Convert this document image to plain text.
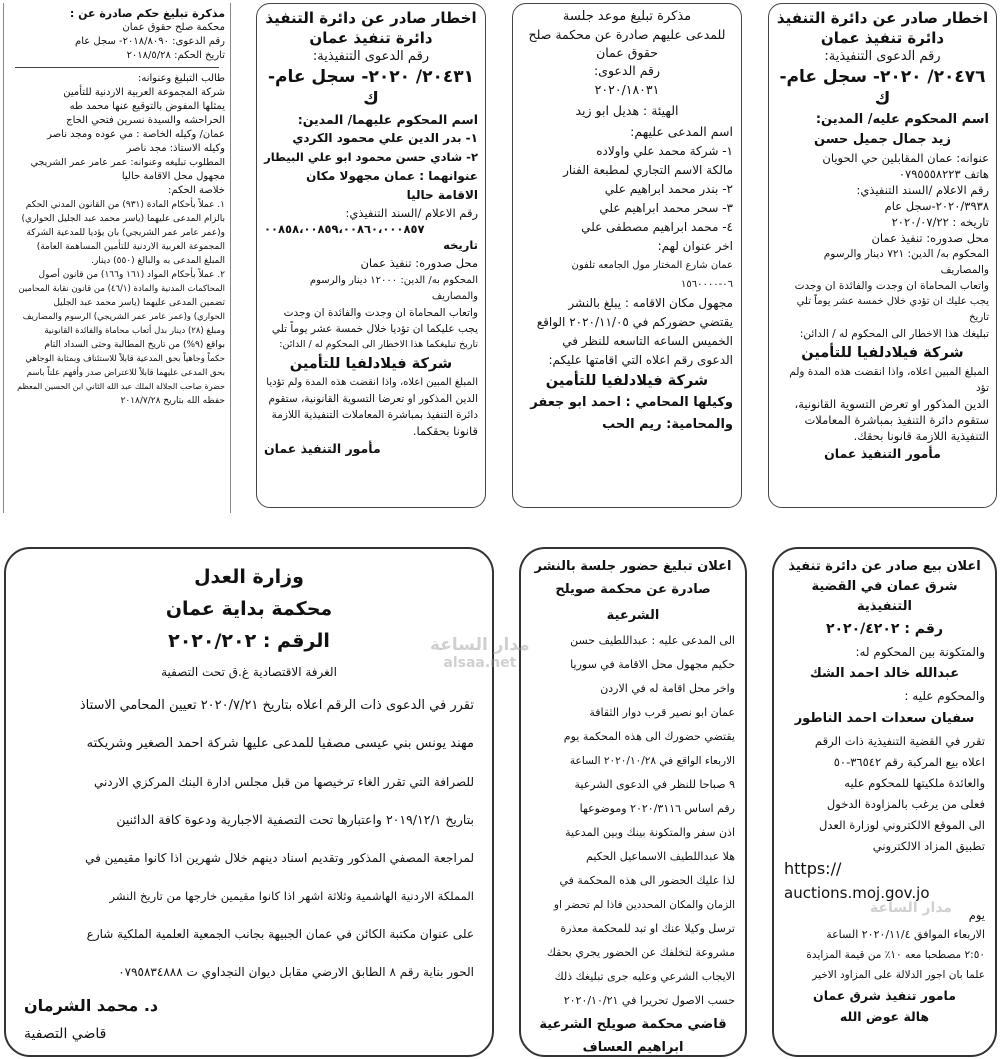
اخطار صادر عن دائرة التنفيذ

دائرة تنفيذ عمان

رقم الدعوى التنفيذية:

٢٠٤٧٦/ ٢٠٢٠- سجل عام- ك

اسم المحكوم عليه/ المدين:

زيد جمال جميل حسن

عنوانه: عمان المقابلين حي الحويان

هاتف ٠٧٩٥٥٥٨٢٢٣

رقم الاعلام /السند التنفيذي:

٢٠٢٠/٣٩٣٨-سجل عام

تاريخه : ٢٠٢٠/٠٧/٢٢

محل صدوره: تنفيذ عمان

المحكوم به/ الدين: ٧٢١ دينار والرسوم والمصاريف

واتعاب المحاماة ان وجدت والفائدة ان وجدت

يجب عليك ان تؤدي خلال خمسة عشر يوماً تلي تاريخ

تبليغك هذا الاخطار الى المحكوم له / الدائن:

شركة فيلادلفيا للتأمين

المبلغ المبين اعلاه، واذا انقضت هذه المدة ولم تؤد

الدين المذكور او تعرض التسوية القانونية،

ستقوم دائرة التنفيذ بمباشرة المعاملات

التنفيذية اللازمة قانونا بحقك.

مأمور التنفيذ عمان

مذكرة تبليغ موعد جلسة

للمدعى عليهم صادرة عن محكمة صلح

حقوق عمان

رقم الدعوى:

٢٠٢٠/١٨٠٣١

الهيئة : هديل ابو زيد

اسم المدعى عليهم:

١- شركة محمد علي واولاده

مالكة الاسم التجاري لمطبعة الفنار

٢- بندر محمد ابراهيم علي

٣- سحر محمد ابراهيم علي

٤- محمد ابراهيم مصطفى علي

اخر عنوان لهم:

عمان شارع المختار مول الجامعه تلفون ٠٦-١٥٦٠٠٠٠

مجهول مكان الاقامه : يبلغ بالنشر

يقتضي حضوركم في ٢٠٢٠/١١/٠٥ الواقع

الخميس الساعه التاسعه للنظر في

الدعوى رقم اعلاه التي اقامتها عليكم:

شركة فيلادلفيا للتأمين

وكيلها المحامي : احمد ابو جعفر

والمحامية: ريم الحب

اخطار صادر عن دائرة التنفيذ

دائرة تنفيذ عمان

رقم الدعوى التنفيذية:

٢٠٤٣١/ ٢٠٢٠- سجل عام- ك

اسم المحكوم عليهما/ المدين:

١- بدر الدين علي محمود الكردي

٢- شادي حسن محمود ابو علي البيطار

عنوانهما : عمان مجهولا مكان

الاقامة حاليا

رقم الاعلام /السند التنفيذي:

٠٠٨٥٨،٠٠٨٥٩،٠٠٨٦٠،٠٠٠٨٥٧

تاريخه

محل صدوره: تنفيذ عمان

المحكوم به/ الدين: ١٢٠٠٠ دينار والرسوم والمصاريف

واتعاب المحاماة ان وجدت والفائدة ان وجدت

يجب عليكما ان تؤديا خلال خمسة عشر يوماً تلي

تاريخ تبليغكما هذا الاخطار الى المحكوم له / الدائن:

شركة فيلادلفيا للتأمين

المبلغ المبين اعلاه، واذا انقضت هذه المدة ولم تؤديا

الدين المذكور او تعرضا التسوية القانونية، ستقوم

دائرة التنفيذ بمباشرة المعاملات التنفيذية اللازمة

قانونا بحقكما.

مأمور التنفيذ عمان

مذكرة تبليغ حكم صادرة عن :

محكمة صلح حقوق عمان

رقم الدعوى: ٢٠١٨/٨٠٩٠- سجل عام

تاريخ الحكم: ٢٠١٨/٥/٢٨

طالب التبليغ وعنوانه:

شركة المجموعة العربية الاردنية للتأمين

يمثلها المفوض بالتوقيع عنها محمد طه

الحراحشه والسيدة نسرين فتحي الحاج

عمان/ وكيله الخاصة : مي عوده ومجد ناصر

وكيله الاستاذ: مجد ناصر

المطلوب تبليغه وعنوانه: عمر عامر عمر الشريجي

مجهول محل الاقامة حاليا

خلاصة الحكم:

١. عملاً بأحكام المادة (٩٣١) من القانون المدني الحكم

بالزام المدعى عليهما (ياسر محمد عبد الجليل الحواري)

و(عمر عامر عمر الشريجي) بان يؤديا للمدعية الشركة

المجموعة العربية الاردنية للتأمين المساهمة العامة)

المبلغ المدعى به والبالغ (٥٥٠) دينار.

٢. عملاً بأحكام المواد (١٦١ و١٦٦) من قانون أصول

المحاكمات المدنية والمادة (٤٦/١) من قانون نقابة المحامين

تضمين المدعى عليهما (ياسر محمد عبد الجليل

الحواري) و(عمر عامر عمر الشريجي) الرسوم والمصاريف

ومبلغ (٢٨) دينار بدل أتعاب محاماة والفائدة القانونية

بواقع (٩%) من تاريخ المطالبة وحتى السداد التام

حكماً وجاهياً بحق المدعية قابلاً للاستئناف وبمثابة الوجاهي

بحق المدعى عليهما قابلاً للاعتراض صدر وأفهم علناً باسم

حضرة صاحب الجلالة الملك عبد الله الثاني ابن الحسين المعظم

حفظه الله بتاريخ ٢٠١٨/٧/٢٨

اعلان بيع صادر عن دائرة تنفيذ

شرق عمان في القضية التنفيذية

رقم : ٢٠٢٠/٤٢٠٢

والمتكونة بين المحكوم له:

عبدالله خالد احمد الشك

والمحكوم عليه :

سفيان سعدات احمد الناطور

تقرر في القضية التنفيذية ذات الرقم

اعلاه بيع المركبة رقم ٣٦٥٤٢-٥٠

والعائدة ملكيتها للمحكوم عليه

فعلى من يرغب بالمزاودة الدخول

الى الموقع الالكتروني لوزارة العدل

تطبيق المزاد الالكتروني

https://

auctions.moj.gov.jo

يوم

الاربعاء الموافق ٢٠٢٠/١١/٤ الساعة

٢:٥٠ مصطحبا معه ١٠٪ من قيمة المزايدة

علما بان اجور الدلالة على المزاود الاخير

مامور تنفيذ شرق عمان

هالة عوض الله

اعلان تبليغ حضور جلسة بالنشر

صادرة عن محكمة صويلح الشرعية

الى المدعى عليه : عبداللطيف حسن

حكيم مجهول محل الاقامة في سوريا

واخر محل اقامة له في الاردن

عمان ابو نصير قرب دوار الثقافة

يقتضي حضورك الى هذه المحكمة يوم

الاربعاء الواقع في ٢٠٢٠/١٠/٢٨ الساعة

٩ صباحا للنظر في الدعوى الشرعية

رقم اساس ٢٠٢٠/٣١١٦ وموضوعها

اذن سفر والمتكونة بينك وبين المدعية

هلا عبداللطيف الاسماعيل الحكيم

لذا عليك الحضور الى هذه المحكمة في

الزمان والمكان المحددين فاذا لم تحضر او

ترسل وكيلا عنك او تبد للمحكمة معذرة

مشروعة لتخلفك عن الحضور يجري بحقك

الايجاب الشرعي وعليه جرى تبليغك ذلك

حسب الاصول تحريرا في ٢٠٢٠/١٠/٢١

قاضي محكمة صويلح الشرعية

ابراهيم العساف

وزارة العدل

محكمة بداية عمان

الرقم : ٢٠٢٠/٢٠٢

الغرفة الاقتصادية غ.ق تحت التصفية

تقرر في الدعوى ذات الرقم اعلاه بتاريخ ٢٠٢٠/٧/٢١ تعيين المحامي الاستاذ

مهند يونس بني عيسى مصفيا للمدعى عليها شركة احمد الصغير وشريكته

للصرافة التي تقرر الغاء ترخيصها من قبل مجلس ادارة البنك المركزي الاردني

بتاريخ ٢٠١٩/١٢/١ واعتبارها تحت التصفية الاجبارية ودعوة كافة الدائنين

لمراجعة المصفي المذكور وتقديم اسناد دينهم خلال شهرين اذا كانوا مقيمين في

المملكة الاردنية الهاشمية وثلاثة اشهر اذا كانوا مقيمين خارجها من تاريخ النشر

على عنوان مكتبة الكائن في عمان الجبيهة بجانب الجمعية العلمية الملكية شارع

الحور بناية رقم ٨ الطابق الارضي مقابل ديوان النجداوي ت ٠٧٩٥٨٣٤٨٨٨

د. محمد الشرمان

قاضي التصفية

مدار الساعة
alsaa.net
مدار الساعة
